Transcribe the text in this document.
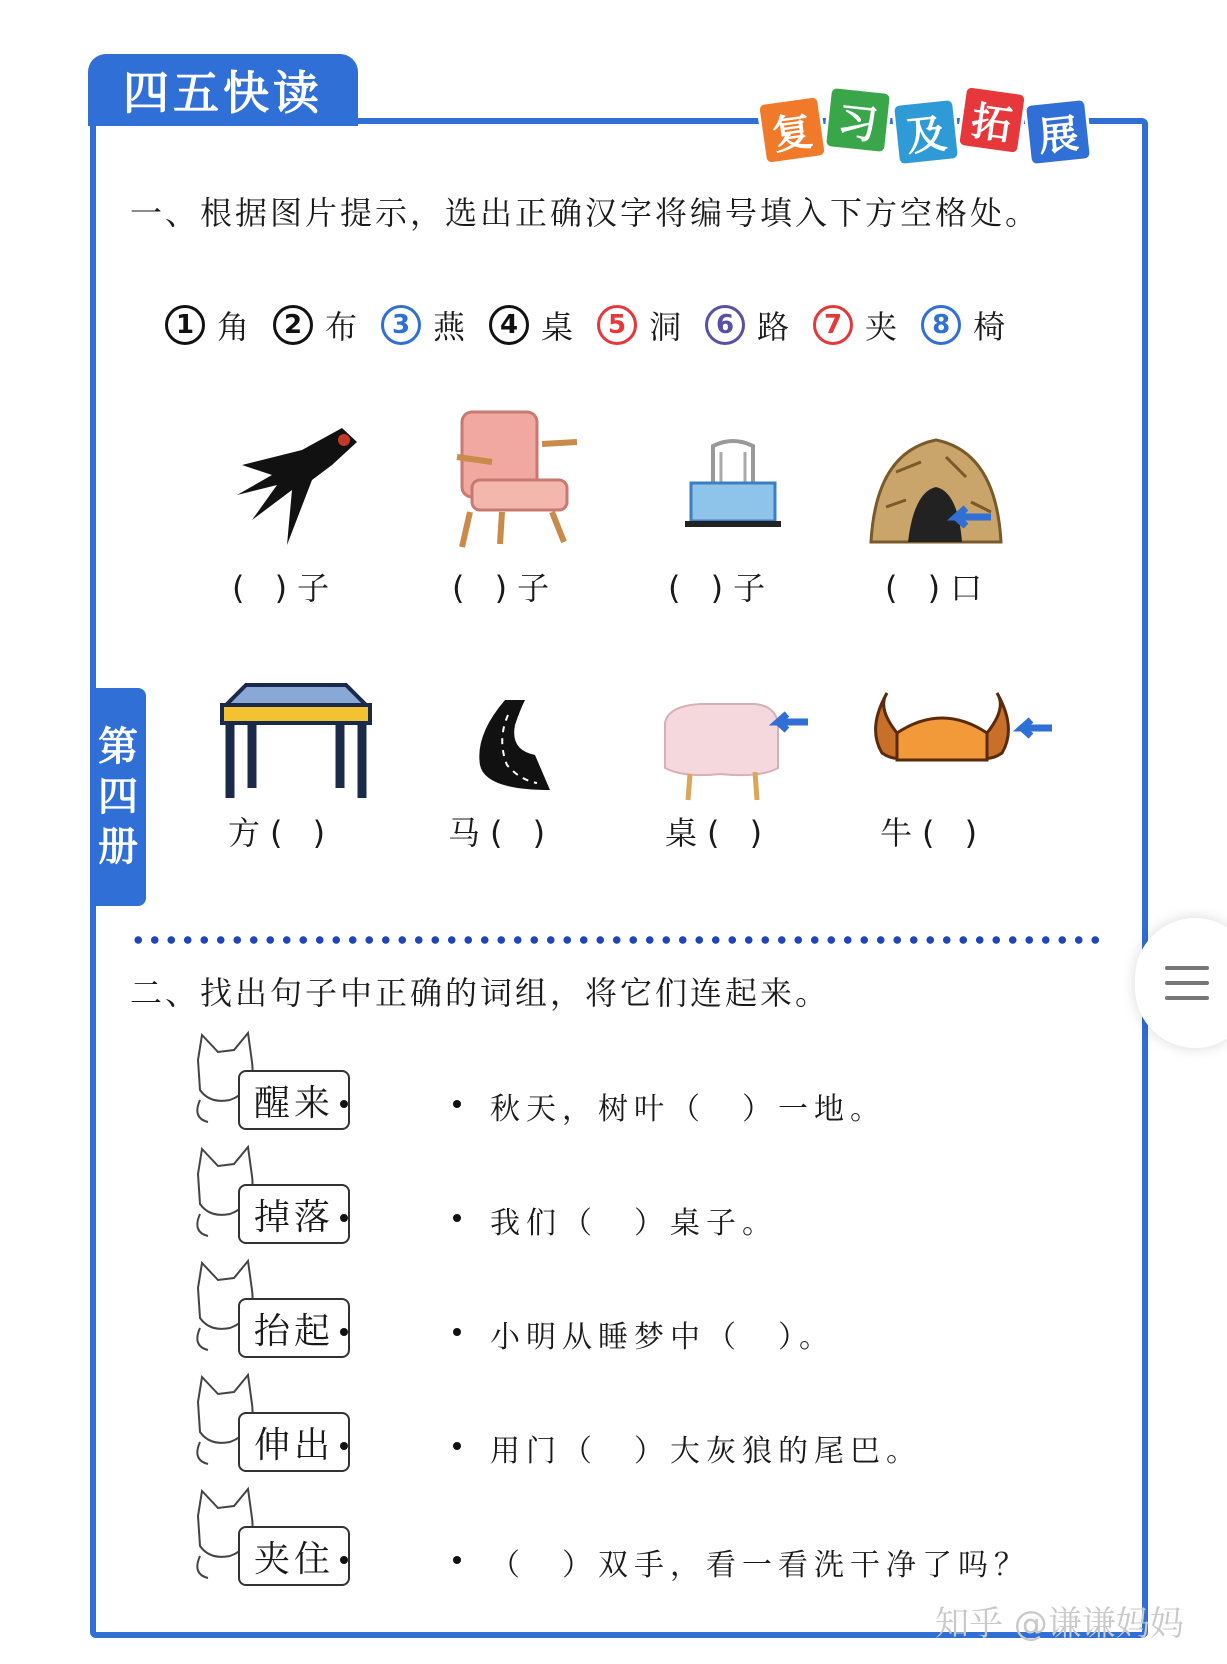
四五快读
复 习 及 拓 展
第
四
册
一、根据图片提示，选出正确汉字将编号填入下方空格处。
1 角	2 布	3 燕	4 桌	5 洞	6 路	7 夹	8 椅
( )子	( )子	( )子	( )口
方( )	马( )	桌( )	牛( )
二、找出句子中正确的词组，将它们连起来。
醒来
掉落
抬起
伸出
夹住
秋天，树叶（　）一地。
我们（　）桌子。
小明从睡梦中（　）。
用门（　）大灰狼的尾巴。
（　）双手，看一看洗干净了吗？
知乎 @谦谦妈妈
